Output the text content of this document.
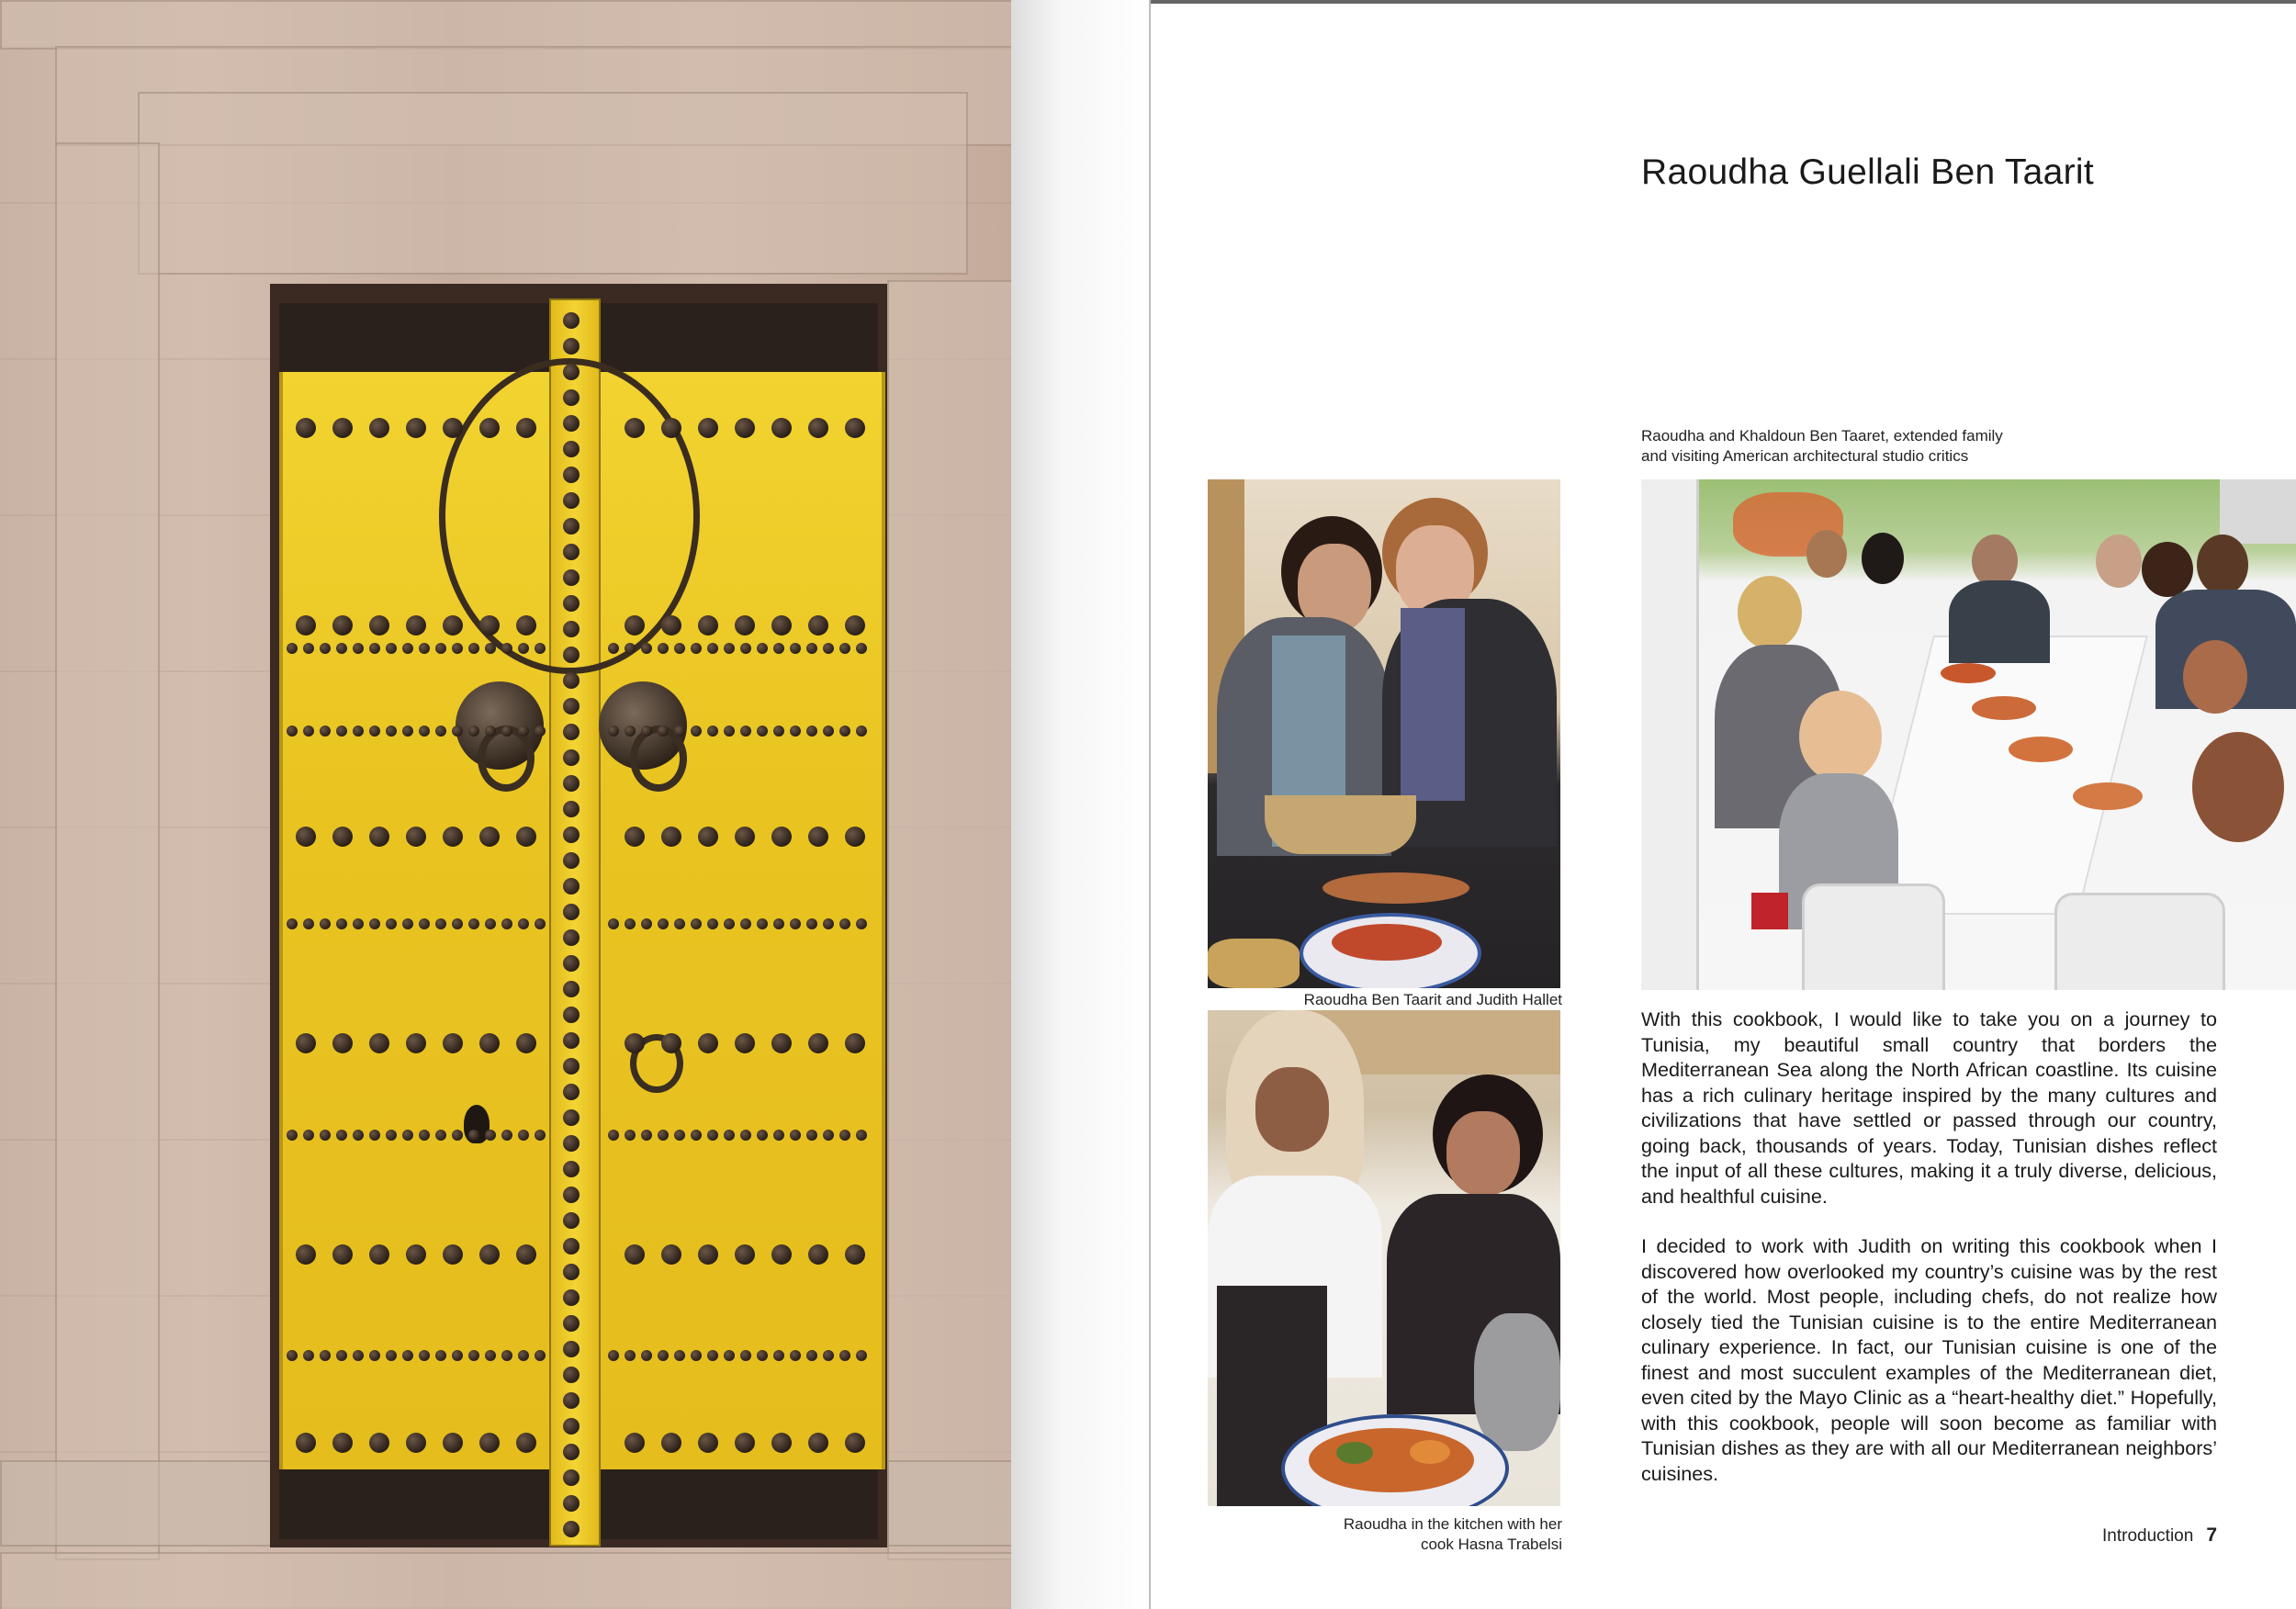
Raoudha Guellali Ben Taarit
Raoudha and Khaldoun Ben Taaret, extended family
and visiting American architectural studio critics
Raoudha Ben Taarit and Judith Hallet
Raoudha in the kitchen with her
cook Hasna Trabelsi
With this cookbook, I would like to take you on a journey to Tunisia, my beautiful small country that borders the Mediterranean Sea along the North African coastline. Its cuisine has a rich culinary heritage inspired by the many cultures and civilizations that have settled or passed through our country, going back, thousands of years. Today, Tunisian dishes reflect the input of all these cultures, making it a truly diverse, delicious, and healthful cuisine.
I decided to work with Judith on writing this cookbook when I discovered how overlooked my country’s cuisine was by the rest of the world. Most people, including chefs, do not realize how closely tied the Tunisian cuisine is to the entire Mediterranean culinary experience. In fact, our Tunisian cuisine is one of the finest and most succulent examples of the Mediterranean diet, even cited by the Mayo Clinic as a “heart-healthy diet.” Hopefully, with this cookbook, people will soon become as familiar with Tunisian dishes as they are with all our Mediterranean neighbors’ cuisines.
Introduction 7
